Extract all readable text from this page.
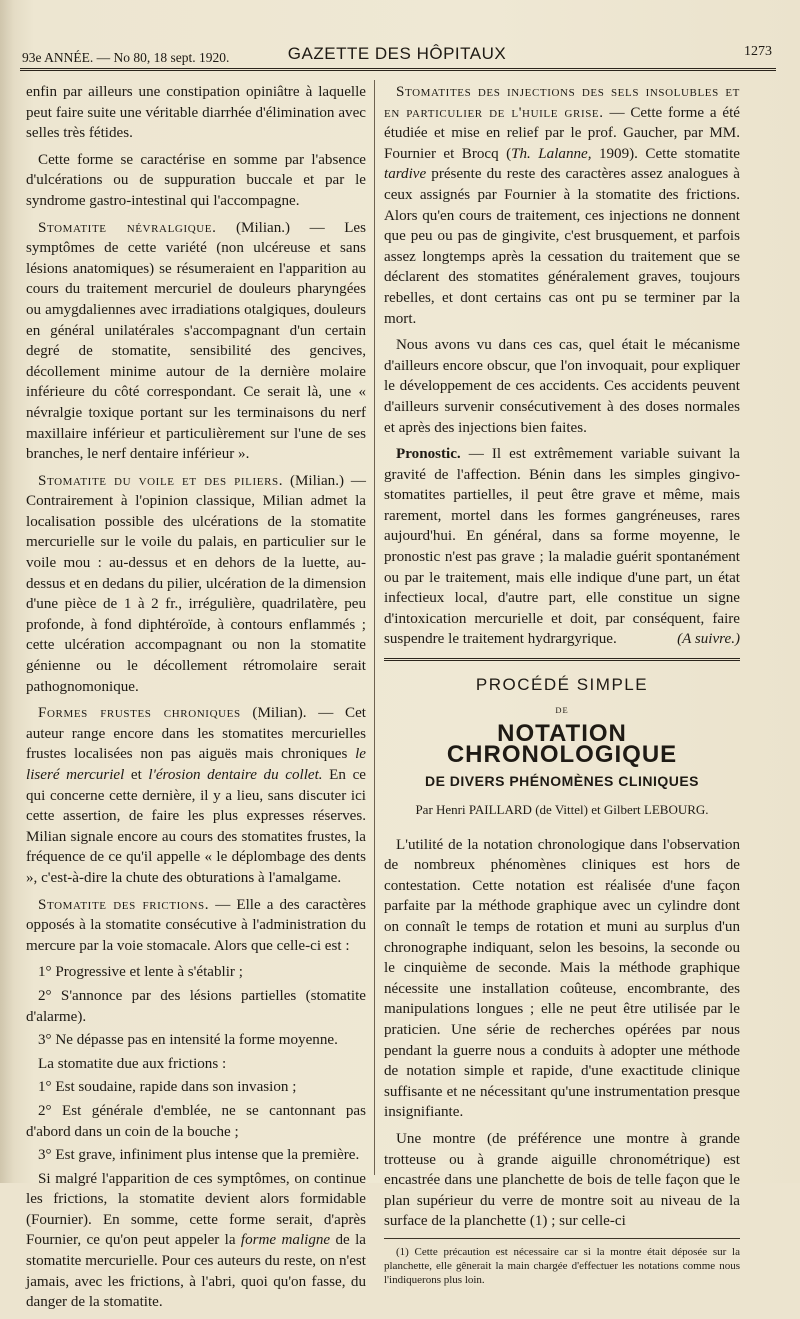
93e ANNÉE. — No 80, 18 sept. 1920.	GAZETTE DES HÔPITAUX	1273

enfin par ailleurs une constipation opiniâtre à laquelle peut faire suite une véritable diarrhée d'élimination avec selles très fétides.

Cette forme se caractérise en somme par l'absence d'ulcérations ou de suppuration buccale et par le syndrome gastro-intestinal qui l'accompagne.

Stomatite névralgique. (Milian.) — Les symptômes de cette variété (non ulcéreuse et sans lésions anatomiques) se résumeraient en l'apparition au cours du traitement mercuriel de douleurs pharyngées ou amygdaliennes avec irradiations otalgiques, douleurs en général unilatérales s'accompagnant d'un certain degré de stomatite, sensibilité des gencives, décollement minime autour de la dernière molaire inférieure du côté correspondant. Ce serait là, une « névralgie toxique portant sur les terminaisons du nerf maxillaire inférieur et particulièrement sur l'une de ses branches, le nerf dentaire inférieur ».

Stomatite du voile et des piliers. (Milian.) — Contrairement à l'opinion classique, Milian admet la localisation possible des ulcérations de la stomatite mercurielle sur le voile du palais, en particulier sur le voile mou : au-dessus et en dehors de la luette, au-dessus et en dedans du pilier, ulcération de la dimension d'une pièce de 1 à 2 fr., irrégulière, quadrilatère, peu profonde, à fond diphtéroïde, à contours enflammés ; cette ulcération accompagnant ou non la stomatite génienne ou le décollement rétromolaire serait pathognomonique.

Formes frustes chroniques (Milian). — Cet auteur range encore dans les stomatites mercurielles frustes localisées non pas aiguës mais chroniques le liseré mercuriel et l'érosion dentaire du collet. En ce qui concerne cette dernière, il y a lieu, sans discuter ici cette assertion, de faire les plus expresses réserves. Milian signale encore au cours des stomatites frustes, la fréquence de ce qu'il appelle « le déplombage des dents », c'est-à-dire la chute des obturations à l'amalgame.

Stomatite des frictions. — Elle a des caractères opposés à la stomatite consécutive à l'administration du mercure par la voie stomacale. Alors que celle-ci est :

1° Progressive et lente à s'établir ;

2° S'annonce par des lésions partielles (stomatite d'alarme).

3° Ne dépasse pas en intensité la forme moyenne.

La stomatite due aux frictions :

1° Est soudaine, rapide dans son invasion ;

2° Est générale d'emblée, ne se cantonnant pas d'abord dans un coin de la bouche ;

3° Est grave, infiniment plus intense que la première.

Si malgré l'apparition de ces symptômes, on continue les frictions, la stomatite devient alors formidable (Fournier). En somme, cette forme serait, d'après Fournier, ce qu'on peut appeler la forme maligne de la stomatite mercurielle. Pour ces auteurs du reste, on n'est jamais, avec les frictions, à l'abri, quoi qu'on fasse, du danger de la stomatite.

Stomatites des injections des sels insolubles et en particulier de l'huile grise. — Cette forme a été étudiée et mise en relief par le prof. Gaucher, par MM. Fournier et Brocq (Th. Lalanne, 1909). Cette stomatite tardive présente du reste des caractères assez analogues à ceux assignés par Fournier à la stomatite des frictions. Alors qu'en cours de traitement, ces injections ne donnent que peu ou pas de gingivite, c'est brusquement, et parfois assez longtemps après la cessation du traitement que se déclarent des stomatites généralement graves, toujours rebelles, et dont certains cas ont pu se terminer par la mort.

Nous avons vu dans ces cas, quel était le mécanisme d'ailleurs encore obscur, que l'on invoquait, pour expliquer le développement de ces accidents. Ces accidents peuvent d'ailleurs survenir consécutivement à des doses normales et après des injections bien faites.

Pronostic. — Il est extrêmement variable suivant la gravité de l'affection. Bénin dans les simples gingivo-stomatites partielles, il peut être grave et même, mais rarement, mortel dans les formes gangréneuses, rares aujourd'hui. En général, dans sa forme moyenne, le pronostic n'est pas grave ; la maladie guérit spontanément ou par le traitement, mais elle indique d'une part, un état infectieux local, d'autre part, elle constitue un signe d'intoxication mercurielle et doit, par conséquent, faire suspendre le traitement hydrargyrique.	(A suivre.)

PROCÉDÉ SIMPLE
DE
NOTATION CHRONOLOGIQUE
DE DIVERS PHÉNOMÈNES CLINIQUES
Par Henri PAILLARD (de Vittel) et Gilbert LEBOURG.

L'utilité de la notation chronologique dans l'observation de nombreux phénomènes cliniques est hors de contestation. Cette notation est réalisée d'une façon parfaite par la méthode graphique avec un cylindre dont on connaît le temps de rotation et muni au surplus d'un chronographe indiquant, selon les besoins, la seconde ou le cinquième de seconde. Mais la méthode graphique nécessite une installation coûteuse, encombrante, des manipulations longues ; elle ne peut être utilisée par le praticien. Une série de recherches opérées par nous pendant la guerre nous a conduits à adopter une méthode de notation simple et rapide, d'une exactitude clinique suffisante et ne nécessitant qu'une instrumentation presque insignifiante.

Une montre (de préférence une montre à grande trotteuse ou à grande aiguille chronométrique) est encastrée dans une planchette de bois de telle façon que le plan supérieur du verre de montre soit au niveau de la surface de la planchette (1) ; sur celle-ci

(1) Cette précaution est nécessaire car si la montre était déposée sur la planchette, elle gênerait la main chargée d'effectuer les notations comme nous l'indiquerons plus loin.
